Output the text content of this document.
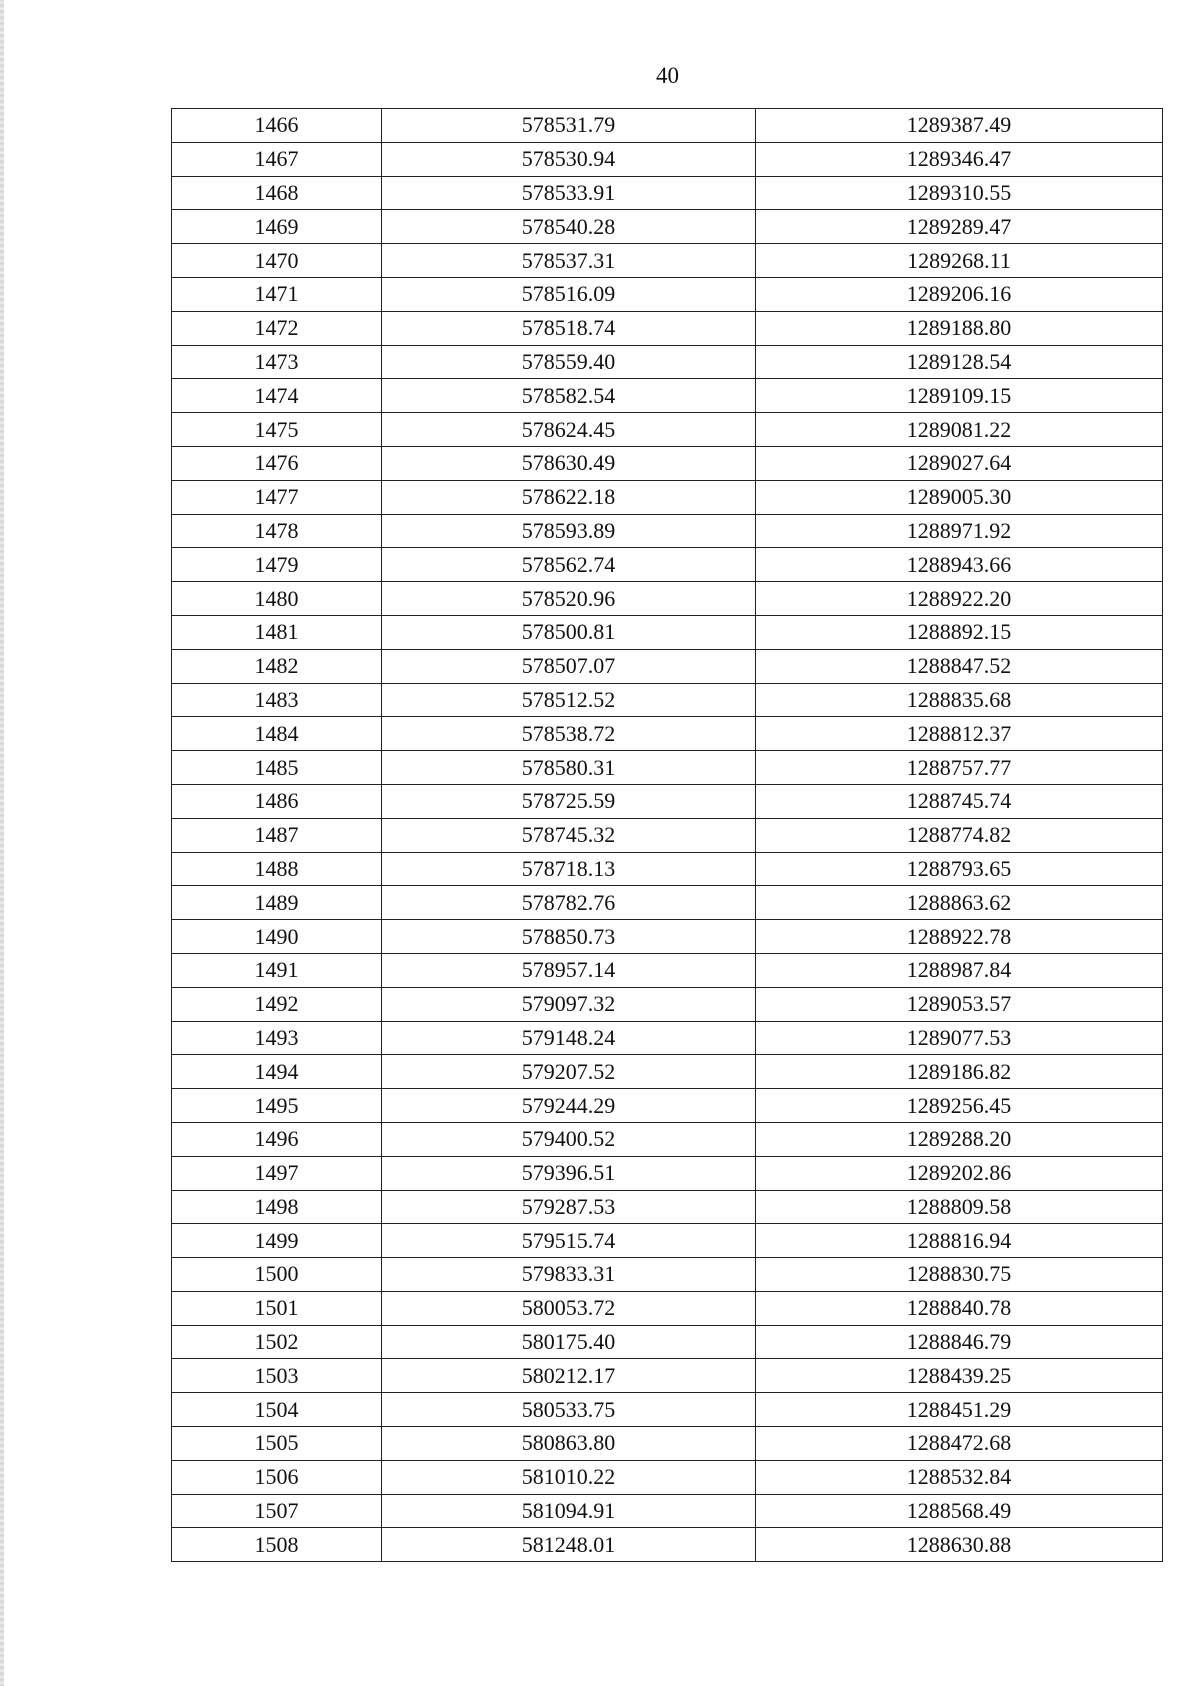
40
1466	578531.79	1289387.49
1467	578530.94	1289346.47
1468	578533.91	1289310.55
1469	578540.28	1289289.47
1470	578537.31	1289268.11
1471	578516.09	1289206.16
1472	578518.74	1289188.80
1473	578559.40	1289128.54
1474	578582.54	1289109.15
1475	578624.45	1289081.22
1476	578630.49	1289027.64
1477	578622.18	1289005.30
1478	578593.89	1288971.92
1479	578562.74	1288943.66
1480	578520.96	1288922.20
1481	578500.81	1288892.15
1482	578507.07	1288847.52
1483	578512.52	1288835.68
1484	578538.72	1288812.37
1485	578580.31	1288757.77
1486	578725.59	1288745.74
1487	578745.32	1288774.82
1488	578718.13	1288793.65
1489	578782.76	1288863.62
1490	578850.73	1288922.78
1491	578957.14	1288987.84
1492	579097.32	1289053.57
1493	579148.24	1289077.53
1494	579207.52	1289186.82
1495	579244.29	1289256.45
1496	579400.52	1289288.20
1497	579396.51	1289202.86
1498	579287.53	1288809.58
1499	579515.74	1288816.94
1500	579833.31	1288830.75
1501	580053.72	1288840.78
1502	580175.40	1288846.79
1503	580212.17	1288439.25
1504	580533.75	1288451.29
1505	580863.80	1288472.68
1506	581010.22	1288532.84
1507	581094.91	1288568.49
1508	581248.01	1288630.88
